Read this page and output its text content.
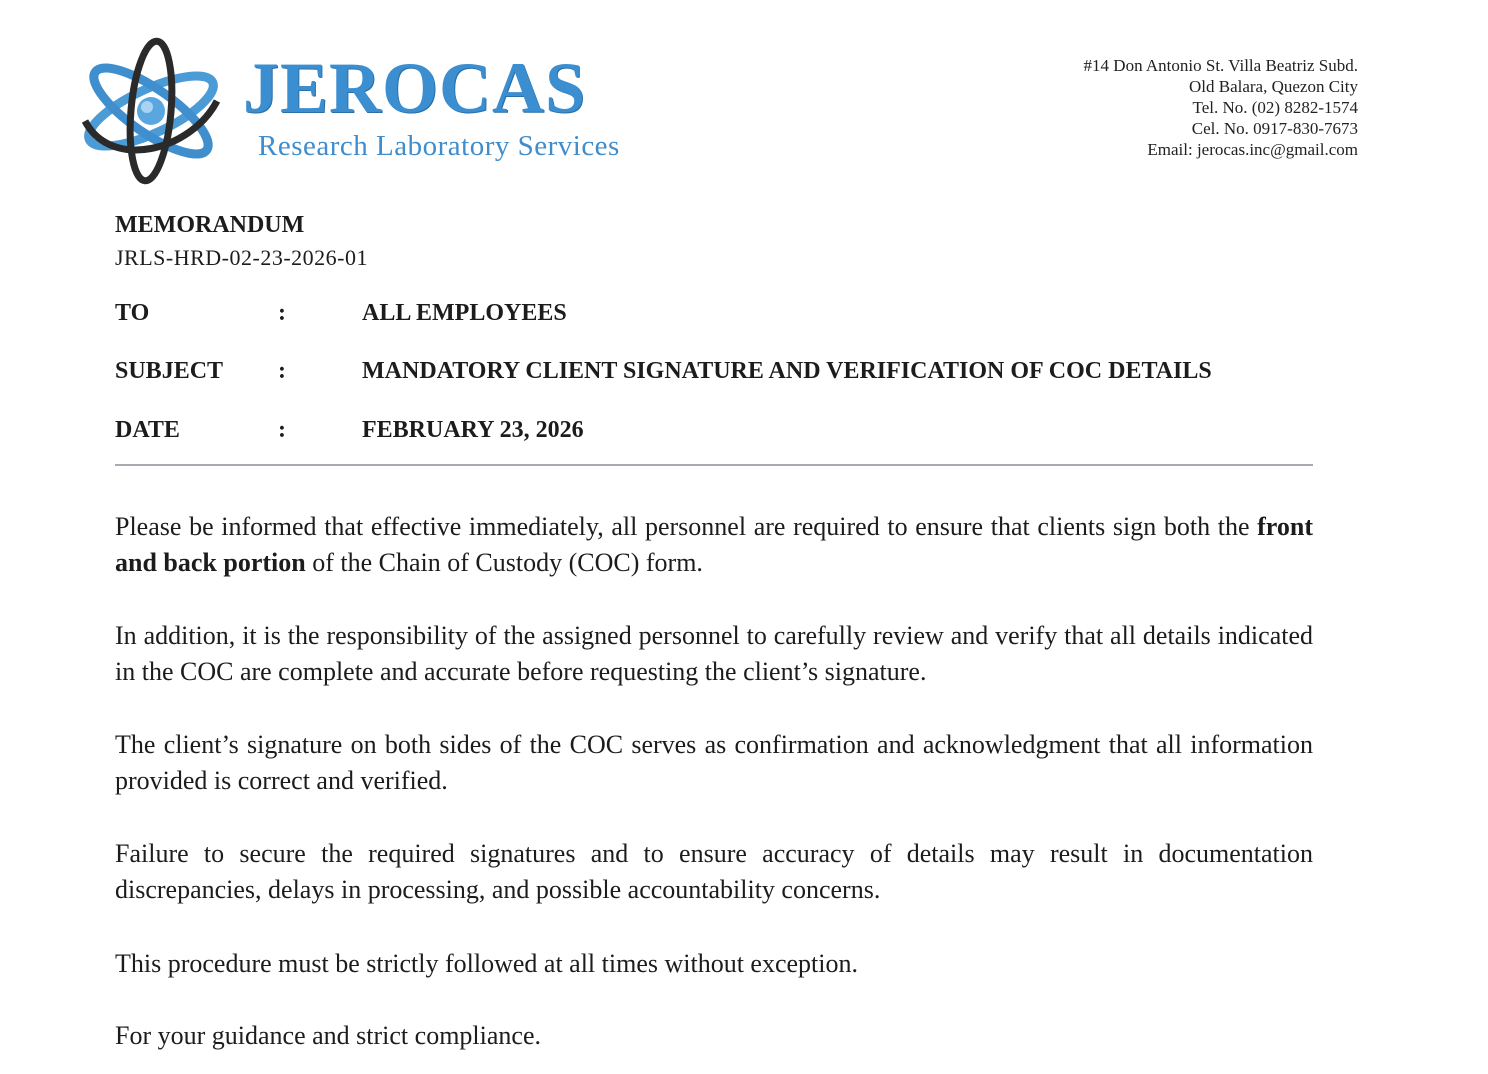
JEROCAS
Research Laboratory Services
#14 Don Antonio St. Villa Beatriz Subd.
Old Balara, Quezon City
Tel. No. (02) 8282-1574
Cel. No. 0917-830-7673
Email: jerocas.inc@gmail.com
MEMORANDUM
JRLS-HRD-02-23-2026-01
TO	:	ALL EMPLOYEES
SUBJECT :	MANDATORY CLIENT SIGNATURE AND VERIFICATION OF COC DETAILS
DATE	:	FEBRUARY 23, 2026
Please be informed that effective immediately, all personnel are required to ensure that clients sign both the front and back portion of the Chain of Custody (COC) form.
In addition, it is the responsibility of the assigned personnel to carefully review and verify that all details indicated in the COC are complete and accurate before requesting the client’s signature.
The client’s signature on both sides of the COC serves as confirmation and acknowledgment that all information provided is correct and verified.
Failure to secure the required signatures and to ensure accuracy of details may result in documentation discrepancies, delays in processing, and possible accountability concerns.
This procedure must be strictly followed at all times without exception.
For your guidance and strict compliance.
